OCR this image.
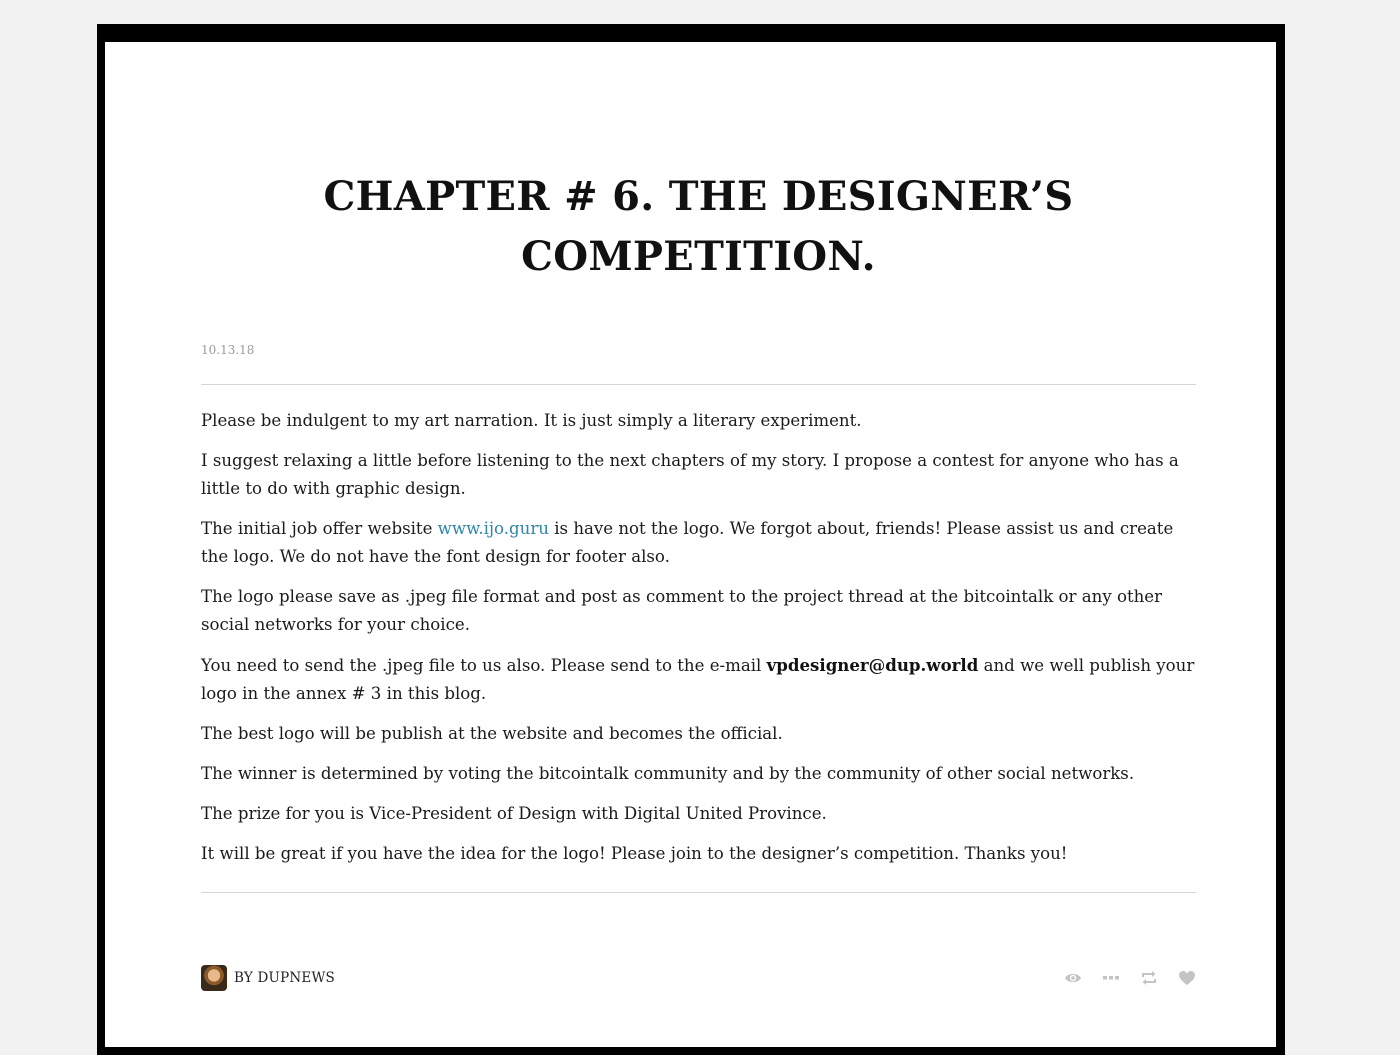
CHAPTER # 6. THE DESIGNER’S COMPETITION.
10.13.18

Please be indulgent to my art narration. It is just simply a literary experiment.

I suggest relaxing a little before listening to the next chapters of my story. I propose a contest for anyone who has a little to do with graphic design.

The initial job offer website www.ijo.guru is have not the logo. We forgot about, friends! Please assist us and create the logo. We do not have the font design for footer also.

The logo please save as .jpeg file format and post as comment to the project thread at the bitcointalk or any other social networks for your choice.

You need to send the .jpeg file to us also. Please send to the e-mail vpdesigner@dup.world and we well publish your logo in the annex # 3 in this blog.

The best logo will be publish at the website and becomes the official.

The winner is determined by voting the bitcointalk community and by the community of other social networks.

The prize for you is Vice-President of Design with Digital United Province.

It will be great if you have the idea for the logo! Please join to the designer’s competition. Thanks you!

BY DUPNEWS
